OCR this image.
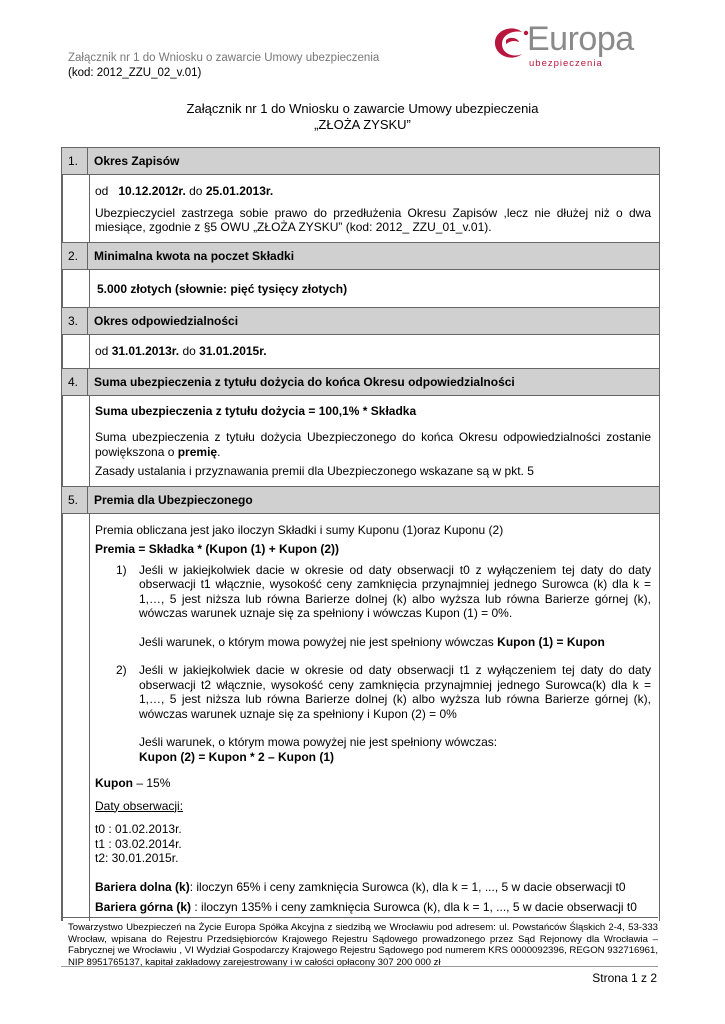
Załącznik nr 1 do Wniosku o zawarcie Umowy ubezpieczenia
(kod: 2012_ZZU_02_v.01)
Europa
ubezpieczenia
Załącznik nr 1 do Wniosku o zawarcie Umowy ubezpieczenia
„ZŁOŻA ZYSKU”
1.	Okres Zapisów

od 10.12.2012r. do 25.01.2013r.

Ubezpieczyciel zastrzega sobie prawo do przedłużenia Okresu Zapisów ,lecz nie dłużej niż o dwa miesiące, zgodnie z §5 OWU „ZŁOŻA ZYSKU” (kod: 2012_ ZZU_01_v.01).

2.	Minimalna kwota na poczet Składki

5.000 złotych (słownie: pięć tysięcy złotych)

3.	Okres odpowiedzialności

od 31.01.2013r. do 31.01.2015r.

4.	Suma ubezpieczenia z tytułu dożycia do końca Okresu odpowiedzialności

Suma ubezpieczenia z tytułu dożycia = 100,1% * Składka

Suma ubezpieczenia z tytułu dożycia Ubezpieczonego do końca Okresu odpowiedzialności zostanie powiększona o premię.

Zasady ustalania i przyznawania premii dla Ubezpieczonego wskazane są w pkt. 5

5.	Premia dla Ubezpieczonego

Premia obliczana jest jako iloczyn Składki i sumy Kuponu (1)oraz Kuponu (2)

Premia = Składka * (Kupon (1) + Kupon (2))

1)	Jeśli w jakiejkolwiek dacie w okresie od daty obserwacji t0 z wyłączeniem tej daty do daty obserwacji t1 włącznie, wysokość ceny zamknięcia przynajmniej jednego Surowca (k) dla k = 1,…, 5 jest niższa lub równa Barierze dolnej (k) albo wyższa lub równa Barierze górnej (k), wówczas warunek uznaje się za spełniony i wówczas Kupon (1) = 0%.

Jeśli warunek, o którym mowa powyżej nie jest spełniony wówczas Kupon (1) = Kupon

2)	Jeśli w jakiejkolwiek dacie w okresie od daty obserwacji t1 z wyłączeniem tej daty do daty obserwacji t2 włącznie, wysokość ceny zamknięcia przynajmniej jednego Surowca(k) dla k = 1,…, 5 jest niższa lub równa Barierze dolnej (k) albo wyższa lub równa Barierze górnej (k), wówczas warunek uznaje się za spełniony i Kupon (2) = 0%

Jeśli warunek, o którym mowa powyżej nie jest spełniony wówczas:

Kupon (2) = Kupon * 2 – Kupon (1)

Kupon – 15%

Daty obserwacji:

t0 : 01.02.2013r.

t1 : 03.02.2014r.

t2: 30.01.2015r.

Bariera dolna (k): iloczyn 65% i ceny zamknięcia Surowca (k), dla k = 1, ..., 5 w dacie obserwacji t0

Bariera górna (k) : iloczyn 135% i ceny zamknięcia Surowca (k), dla k = 1, ..., 5 w dacie obserwacji t0

Towarzystwo Ubezpieczeń na Życie Europa Spółka Akcyjna z siedzibą we Wrocławiu pod adresem: ul. Powstańców Śląskich 2-4, 53-333 Wrocław, wpisana do Rejestru Przedsiębiorców Krajowego Rejestru Sądowego prowadzonego przez Sąd Rejonowy dla Wrocławia – Fabrycznej we Wrocławiu , VI Wydział Gospodarczy Krajowego Rejestru Sądowego pod numerem KRS 0000092396, REGON 932716961, NIP 8951765137, kapitał zakładowy zarejestrowany i w całości opłacony 307 200 000 zł
Strona 1 z 2
